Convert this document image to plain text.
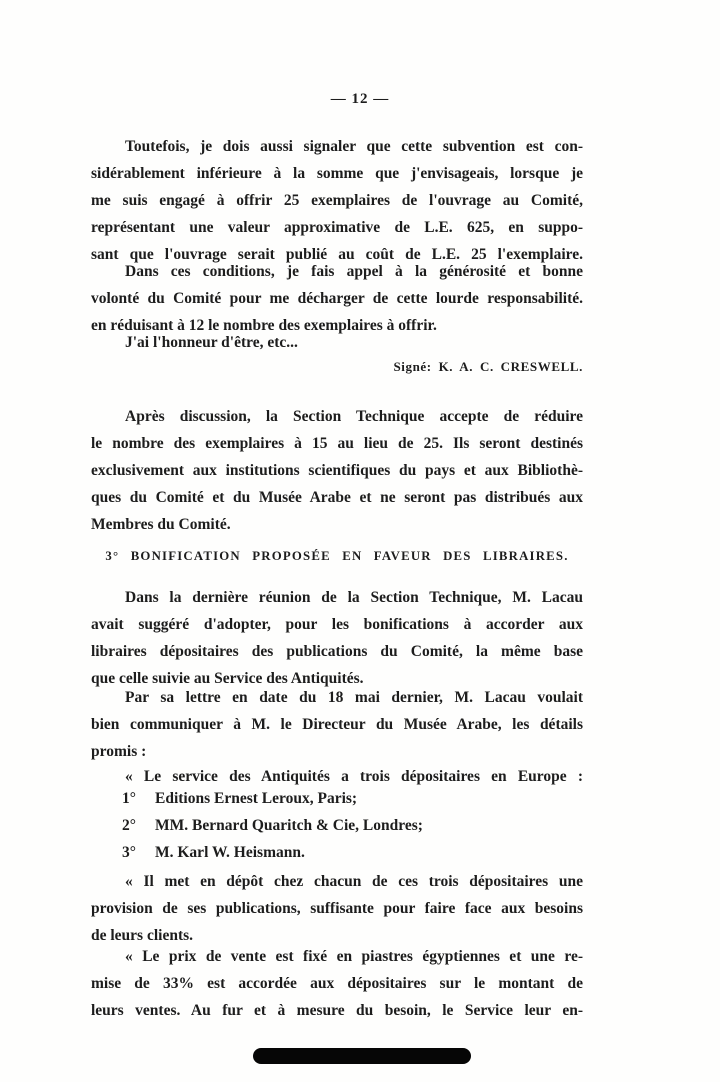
— 12 —
Toutefois, je dois aussi signaler que cette subvention est con-
sidérablement inférieure à la somme que j'envisageais, lorsque je
me suis engagé à offrir 25 exemplaires de l'ouvrage au Comité,
représentant une valeur approximative de L.E. 625, en suppo-
sant que l'ouvrage serait publié au coût de L.E. 25 l'exemplaire.
Dans ces conditions, je fais appel à la générosité et bonne
volonté du Comité pour me décharger de cette lourde responsabilité.
en réduisant à 12 le nombre des exemplaires à offrir.
J'ai l'honneur d'être, etc...
Signé: K. A. C. CRESWELL.
Après discussion, la Section Technique accepte de réduire
le nombre des exemplaires à 15 au lieu de 25. Ils seront destinés
exclusivement aux institutions scientifiques du pays et aux Bibliothè-
ques du Comité et du Musée Arabe et ne seront pas distribués aux
Membres du Comité.
3° BONIFICATION PROPOSÉE EN FAVEUR DES LIBRAIRES.
Dans la dernière réunion de la Section Technique, M. Lacau
avait suggéré d'adopter, pour les bonifications à accorder aux
libraires dépositaires des publications du Comité, la même base
que celle suivie au Service des Antiquités.
Par sa lettre en date du 18 mai dernier, M. Lacau voulait
bien communiquer à M. le Directeur du Musée Arabe, les détails
promis :
« Le service des Antiquités a trois dépositaires en Europe :
1° Editions Ernest Leroux, Paris;
2° MM. Bernard Quaritch & Cie, Londres;
3° M. Karl W. Heismann.
« Il met en dépôt chez chacun de ces trois dépositaires une
provision de ses publications, suffisante pour faire face aux besoins
de leurs clients.
« Le prix de vente est fixé en piastres égyptiennes et une re-
mise de 33% est accordée aux dépositaires sur le montant de
leurs ventes. Au fur et à mesure du besoin, le Service leur en-
